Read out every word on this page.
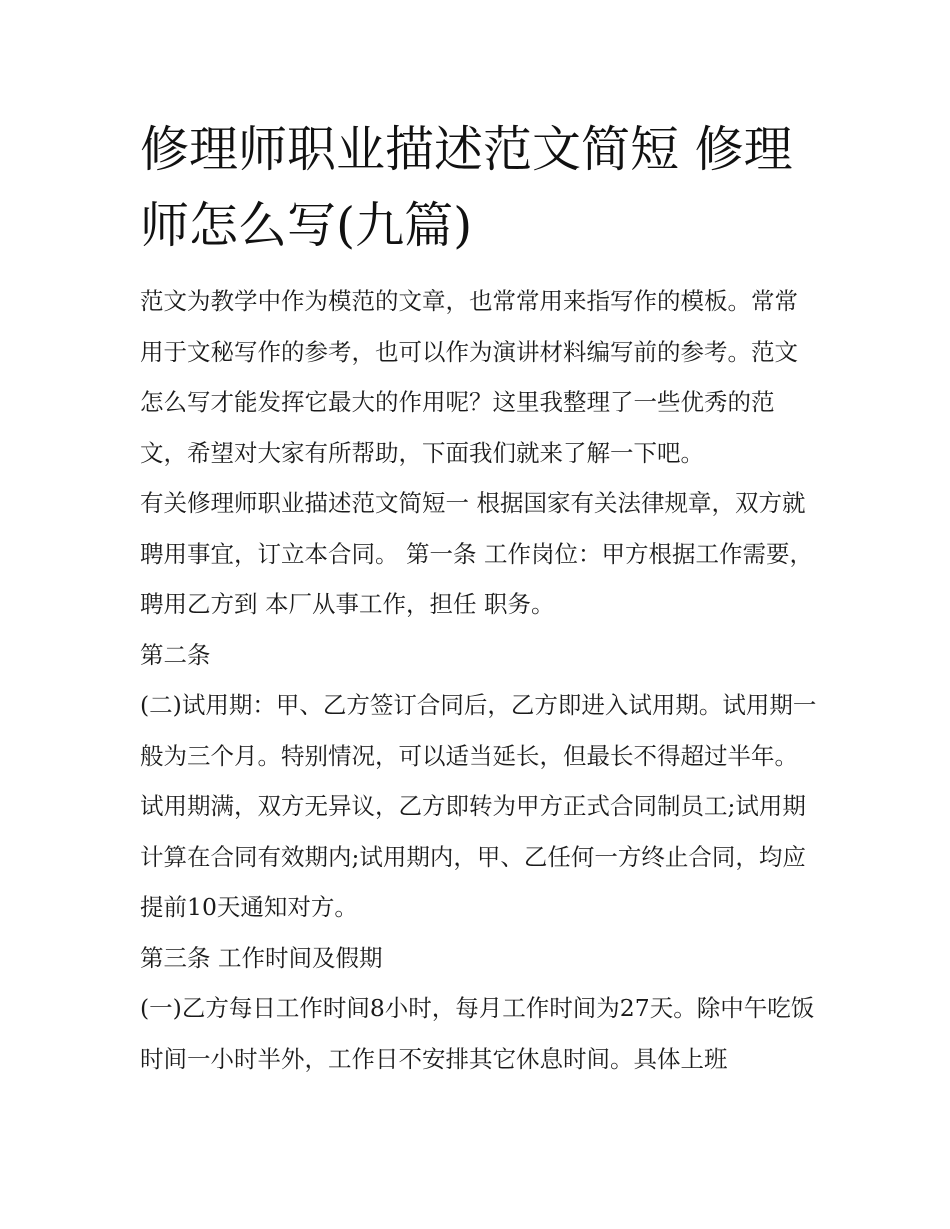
修理师职业描述范文简短 修理师怎么写(九篇)

范文为教学中作为模范的文章，也常常用来指写作的模板。常常用于文秘写作的参考，也可以作为演讲材料编写前的参考。范文怎么写才能发挥它最大的作用呢？这里我整理了一些优秀的范文，希望对大家有所帮助，下面我们就来了解一下吧。

有关修理师职业描述范文简短一 根据国家有关法律规章，双方就聘用事宜，订立本合同。 第一条 工作岗位：甲方根据工作需要，聘用乙方到 本厂从事工作，担任 职务。

第二条

(二)试用期：甲、乙方签订合同后，乙方即进入试用期。试用期一般为三个月。特别情况，可以适当延长，但最长不得超过半年。试用期满，双方无异议，乙方即转为甲方正式合同制员工;试用期计算在合同有效期内;试用期内，甲、乙任何一方终止合同，均应提前10天通知对方。

第三条 工作时间及假期

(一)乙方每日工作时间8小时，每月工作时间为27天。除中午吃饭时间一小时半外，工作日不安排其它休息时间。具体上班
